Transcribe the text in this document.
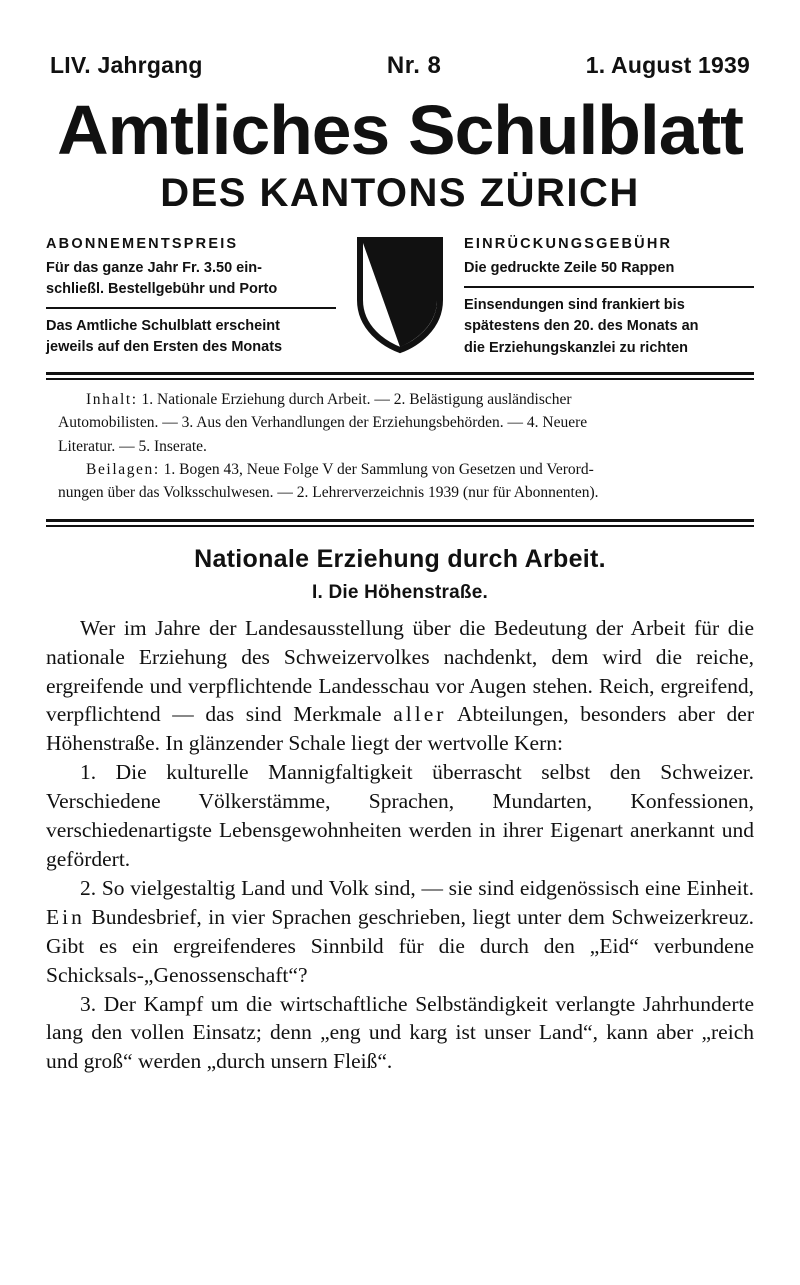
LIV. Jahrgang	Nr. 8	1. August 1939
Amtliches Schulblatt
DES KANTONS ZÜRICH
ABONNEMENTSPREIS
Für das ganze Jahr Fr. 3.50 ein-
schließl. Bestellgebühr und Porto
Das Amtliche Schulblatt erscheint
jeweils auf den Ersten des Monats
EINRÜCKUNGSGEBÜHR
Die gedruckte Zeile 50 Rappen
Einsendungen sind frankiert bis
spätestens den 20. des Monats an
die Erziehungskanzlei zu richten

Inhalt: 1. Nationale Erziehung durch Arbeit. — 2. Belästigung ausländischer

Automobilisten. — 3. Aus den Verhandlungen der Erziehungsbehörden. — 4. Neuere

Literatur. — 5. Inserate.

Beilagen: 1. Bogen 43, Neue Folge V der Sammlung von Gesetzen und Verord-

nungen über das Volksschulwesen. — 2. Lehrerverzeichnis 1939 (nur für Abonnenten).

Nationale Erziehung durch Arbeit.
I. Die Höhenstraße.

Wer im Jahre der Landesausstellung über die Bedeutung der Arbeit für die nationale Erziehung des Schweizervolkes nachdenkt, dem wird die reiche, ergreifende und verpflichtende Landesschau vor Augen stehen. Reich, ergreifend, verpflichtend — das sind Merkmale aller Abteilungen, besonders aber der Höhenstraße. In glänzender Schale liegt der wertvolle Kern:

1. Die kulturelle Mannigfaltigkeit überrascht selbst den Schweizer. Verschiedene Völkerstämme, Sprachen, Mundarten, Konfessionen, verschiedenartigste Lebensgewohnheiten werden in ihrer Eigenart anerkannt und gefördert.

2. So vielgestaltig Land und Volk sind, — sie sind eidgenössisch eine Einheit. Ein Bundesbrief, in vier Sprachen geschrieben, liegt unter dem Schweizerkreuz. Gibt es ein ergreifenderes Sinnbild für die durch den „Eid“ verbundene Schicksals-„Genossenschaft“?

3. Der Kampf um die wirtschaftliche Selbständigkeit verlangte Jahrhunderte lang den vollen Einsatz; denn „eng und karg ist unser Land“, kann aber „reich und groß“ werden „durch unsern Fleiß“.
